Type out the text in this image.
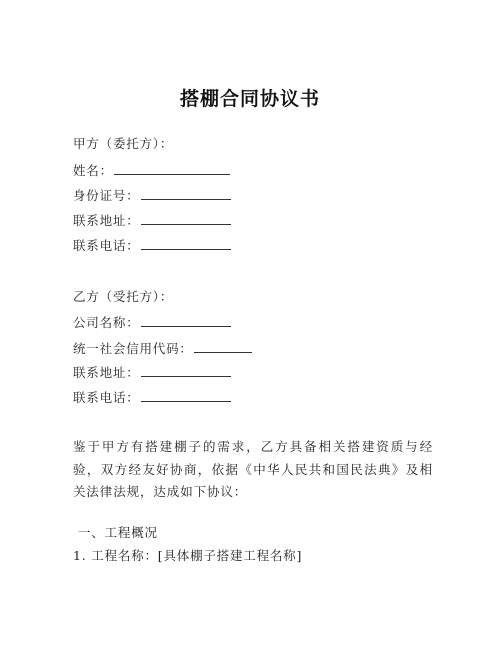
搭棚合同协议书
甲方（委托方）：
姓名：
身份证号：
联系地址：
联系电话：
乙方（受托方）：
公司名称：
统一社会信用代码：
联系地址：
联系电话：
鉴于甲方有搭建棚子的需求，乙方具备相关搭建资质与经验，双方经友好协商，依据《中华人民共和国民法典》及相关法律法规，达成如下协议：
一、工程概况
1. 工程名称：[具体棚子搭建工程名称]
